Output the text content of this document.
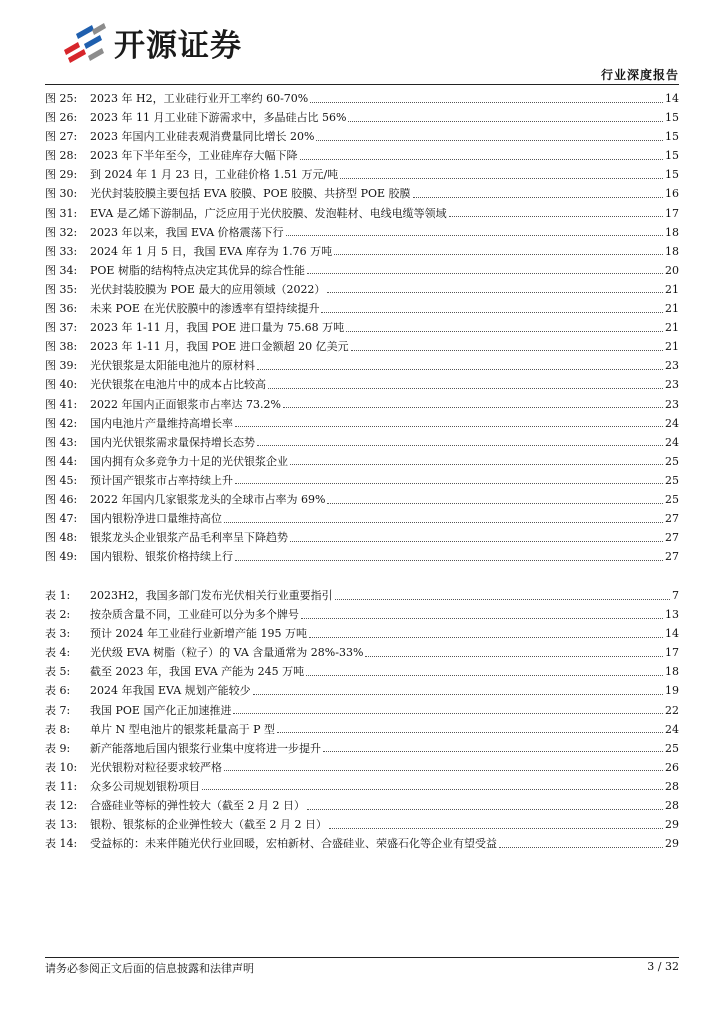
开源证券
行业深度报告
图 25:	2023 年 H2，工业硅行业开工率约 60-70%	14
图 26:	2023 年 11 月工业硅下游需求中，多晶硅占比 56%	15
图 27:	2023 年国内工业硅表观消费量同比增长 20%	15
图 28:	2023 年下半年至今，工业硅库存大幅下降	15
图 29:	到 2024 年 1 月 23 日，工业硅价格 1.51 万元/吨	15
图 30:	光伏封装胶膜主要包括 EVA 胶膜、POE 胶膜、共挤型 POE 胶膜	16
图 31:	EVA 是乙烯下游制品，广泛应用于光伏胶膜、发泡鞋材、电线电缆等领域	17
图 32:	2023 年以来，我国 EVA 价格震荡下行	18
图 33:	2024 年 1 月 5 日，我国 EVA 库存为 1.76 万吨	18
图 34:	POE 树脂的结构特点决定其优异的综合性能	20
图 35:	光伏封装胶膜为 POE 最大的应用领域（2022）	21
图 36:	未来 POE 在光伏胶膜中的渗透率有望持续提升	21
图 37:	2023 年 1-11 月，我国 POE 进口量为 75.68 万吨	21
图 38:	2023 年 1-11 月，我国 POE 进口金额超 20 亿美元	21
图 39:	光伏银浆是太阳能电池片的原材料	23
图 40:	光伏银浆在电池片中的成本占比较高	23
图 41:	2022 年国内正面银浆市占率达 73.2%	23
图 42:	国内电池片产量维持高增长率	24
图 43:	国内光伏银浆需求量保持增长态势	24
图 44:	国内拥有众多竞争力十足的光伏银浆企业	25
图 45:	预计国产银浆市占率持续上升	25
图 46:	2022 年国内几家银浆龙头的全球市占率为 69%	25
图 47:	国内银粉净进口量维持高位	27
图 48:	银浆龙头企业银浆产品毛利率呈下降趋势	27
图 49:	国内银粉、银浆价格持续上行	27
表 1:	2023H2，我国多部门发布光伏相关行业重要指引	7
表 2:	按杂质含量不同，工业硅可以分为多个牌号	13
表 3:	预计 2024 年工业硅行业新增产能 195 万吨	14
表 4:	光伏级 EVA 树脂（粒子）的 VA 含量通常为 28%-33%	17
表 5:	截至 2023 年，我国 EVA 产能为 245 万吨	18
表 6:	2024 年我国 EVA 规划产能较少	19
表 7:	我国 POE 国产化正加速推进	22
表 8:	单片 N 型电池片的银浆耗量高于 P 型	24
表 9:	新产能落地后国内银浆行业集中度将进一步提升	25
表 10:	光伏银粉对粒径要求较严格	26
表 11:	众多公司规划银粉项目	28
表 12:	合盛硅业等标的弹性较大（截至 2 月 2 日）	28
表 13:	银粉、银浆标的企业弹性较大（截至 2 月 2 日）	29
表 14:	受益标的：未来伴随光伏行业回暖，宏柏新材、合盛硅业、荣盛石化等企业有望受益	29
请务必参阅正文后面的信息披露和法律声明	3 / 32
